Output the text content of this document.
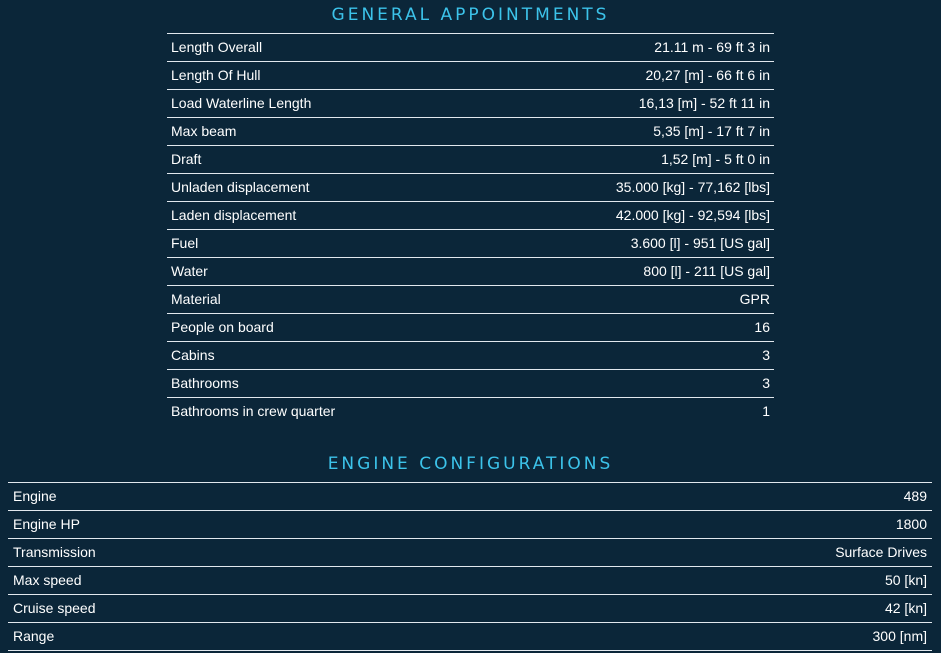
GENERAL APPOINTMENTS
Length Overall	21.11 m - 69 ft 3 in
Length Of Hull	20,27 [m] - 66 ft 6 in
Load Waterline Length	16,13 [m] - 52 ft 11 in
Max beam	5,35 [m] - 17 ft 7 in
Draft	1,52 [m] - 5 ft 0 in
Unladen displacement	35.000 [kg] - 77,162 [lbs]
Laden displacement	42.000 [kg] - 92,594 [lbs]
Fuel	3.600 [l] - 951 [US gal]
Water	800 [l] - 211 [US gal]
Material	GPR
People on board	16
Cabins	3
Bathrooms	3
Bathrooms in crew quarter	1
ENGINE CONFIGURATIONS
Engine	489
Engine HP	1800
Transmission	Surface Drives
Max speed	50 [kn]
Cruise speed	42 [kn]
Range	300 [nm]
